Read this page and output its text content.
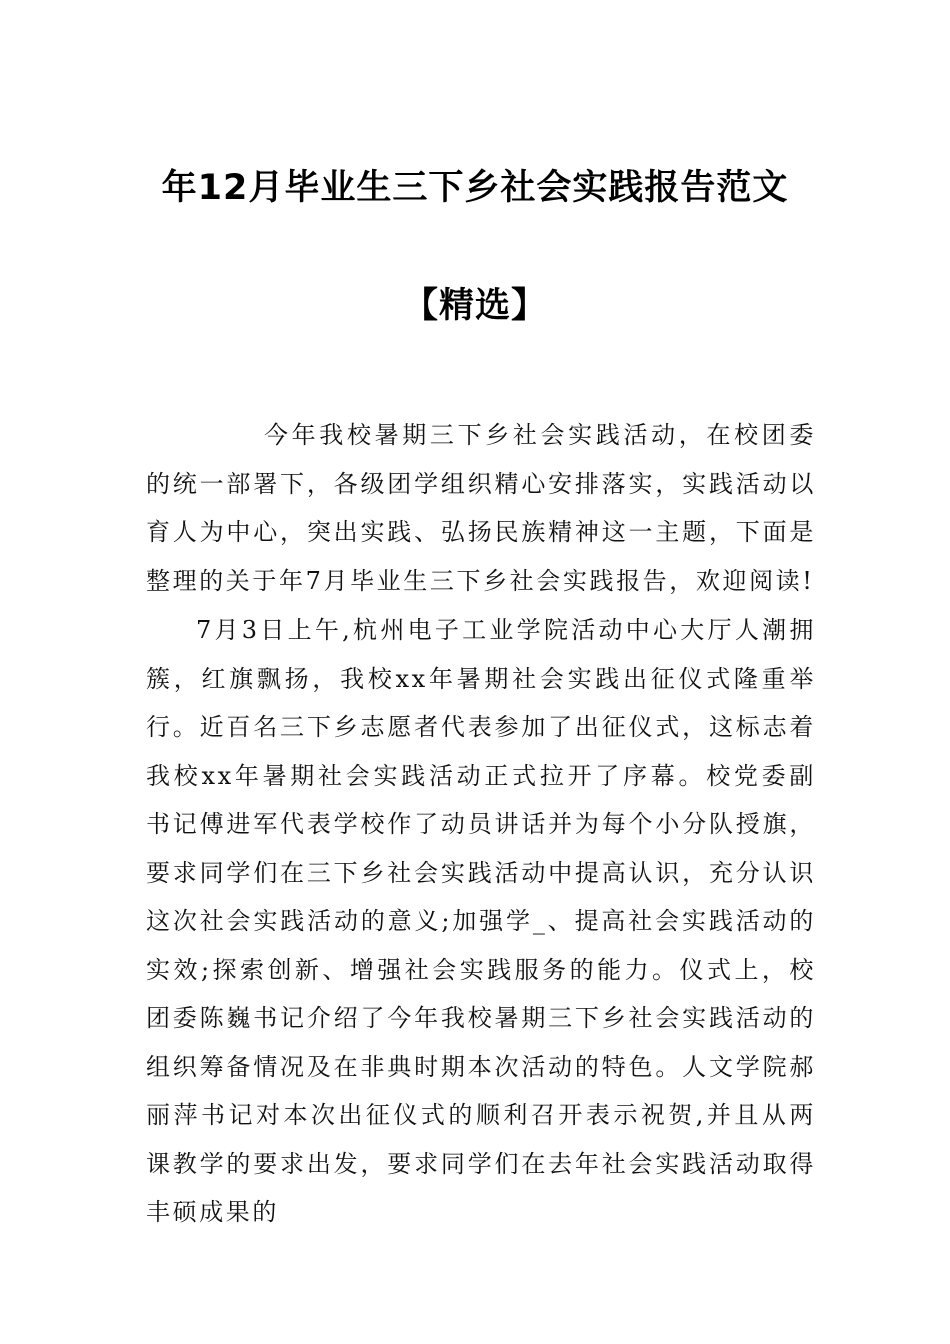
年12月毕业生三下乡社会实践报告范文
【精选】

今年我校暑期三下乡社会实践活动，在校团委的统一部署下，各级团学组织精心安排落实，实践活动以育人为中心，突出实践、弘扬民族精神这一主题，下面是整理的关于年7月毕业生三下乡社会实践报告，欢迎阅读!

7月3日上午,杭州电子工业学院活动中心大厅人潮拥簇，红旗飘扬，我校xx年暑期社会实践出征仪式隆重举行。近百名三下乡志愿者代表参加了出征仪式，这标志着我校xx年暑期社会实践活动正式拉开了序幕。校党委副书记傅进军代表学校作了动员讲话并为每个小分队授旗，要求同学们在三下乡社会实践活动中提高认识，充分认识这次社会实践活动的意义;加强学_、提高社会实践活动的实效;探索创新、增强社会实践服务的能力。仪式上，校团委陈巍书记介绍了今年我校暑期三下乡社会实践活动的组织筹备情况及在非典时期本次活动的特色。人文学院郝丽萍书记对本次出征仪式的顺利召开表示祝贺,并且从两课教学的要求出发，要求同学们在去年社会实践活动取得丰硕成果的
